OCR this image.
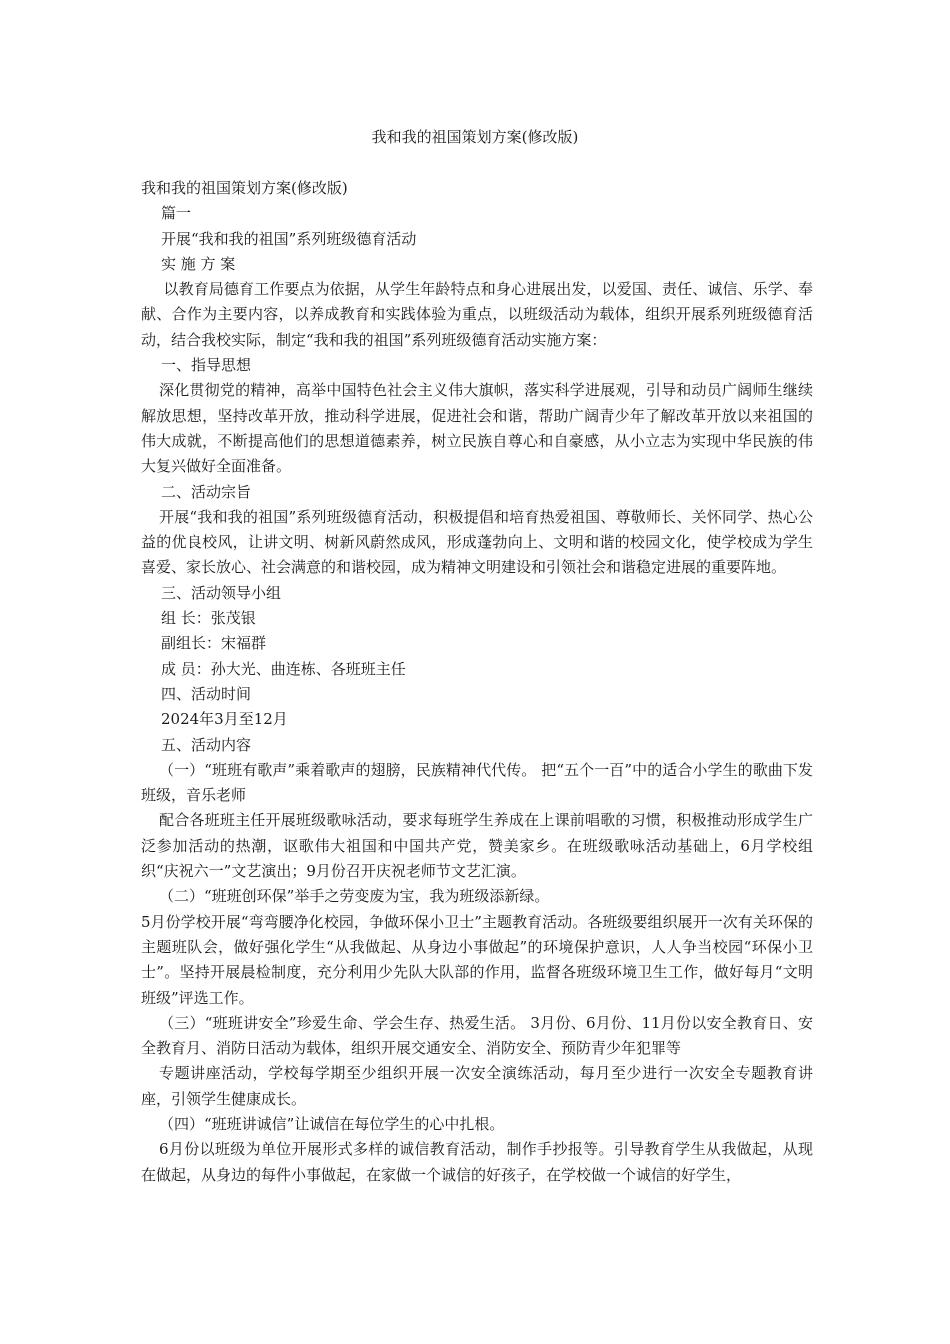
我和我的祖国策划方案(修改版)

我和我的祖国策划方案(修改版)

篇一

开展“我和我的祖国”系列班级德育活动

实 施 方 案

以教育局德育工作要点为依据，从学生年龄特点和身心进展出发，以爱国、责任、诚信、乐学、奉献、合作为主要内容，以养成教育和实践体验为重点，以班级活动为载体，组织开展系列班级德育活动，结合我校实际，制定“我和我的祖国”系列班级德育活动实施方案：

一、指导思想

深化贯彻党的精神，高举中国特色社会主义伟大旗帜，落实科学进展观，引导和动员广阔师生继续解放思想，坚持改革开放，推动科学进展，促进社会和谐，帮助广阔青少年了解改革开放以来祖国的伟大成就，不断提高他们的思想道德素养，树立民族自尊心和自豪感，从小立志为实现中华民族的伟大复兴做好全面准备。

二、活动宗旨

开展“我和我的祖国”系列班级德育活动，积极提倡和培育热爱祖国、尊敬师长、关怀同学、热心公益的优良校风，让讲文明、树新风蔚然成风，形成蓬勃向上、文明和谐的校园文化，使学校成为学生喜爱、家长放心、社会满意的和谐校园，成为精神文明建设和引领社会和谐稳定进展的重要阵地。

三、活动领导小组

组 长：张茂银

副组长：宋福群

成 员：孙大光、曲连栋、各班班主任

四、活动时间

2024年3月至12月

五、活动内容

（一）“班班有歌声”乘着歌声的翅膀，民族精神代代传。 把“五个一百”中的适合小学生的歌曲下发班级，音乐老师

配合各班班主任开展班级歌咏活动，要求每班学生养成在上课前唱歌的习惯，积极推动形成学生广泛参加活动的热潮，讴歌伟大祖国和中国共产党，赞美家乡。在班级歌咏活动基础上，6月学校组织“庆祝六一”文艺演出；9月份召开庆祝老师节文艺汇演。

（二）“班班创环保”举手之劳变废为宝，我为班级添新绿。

5月份学校开展“弯弯腰净化校园，争做环保小卫士”主题教育活动。各班级要组织展开一次有关环保的主题班队会，做好强化学生“从我做起、从身边小事做起”的环境保护意识，人人争当校园“环保小卫士”。坚持开展晨检制度，充分利用少先队大队部的作用，监督各班级环境卫生工作，做好每月“文明班级”评选工作。

（三）“班班讲安全”珍爱生命、学会生存、热爱生活。 3月份、6月份、11月份以安全教育日、安全教育月、消防日活动为载体，组织开展交通安全、消防安全、预防青少年犯罪等

专题讲座活动，学校每学期至少组织开展一次安全演练活动，每月至少进行一次安全专题教育讲座，引领学生健康成长。

（四）“班班讲诚信”让诚信在每位学生的心中扎根。

6月份以班级为单位开展形式多样的诚信教育活动，制作手抄报等。引导教育学生从我做起，从现在做起，从身边的每件小事做起，在家做一个诚信的好孩子，在学校做一个诚信的好学生，
